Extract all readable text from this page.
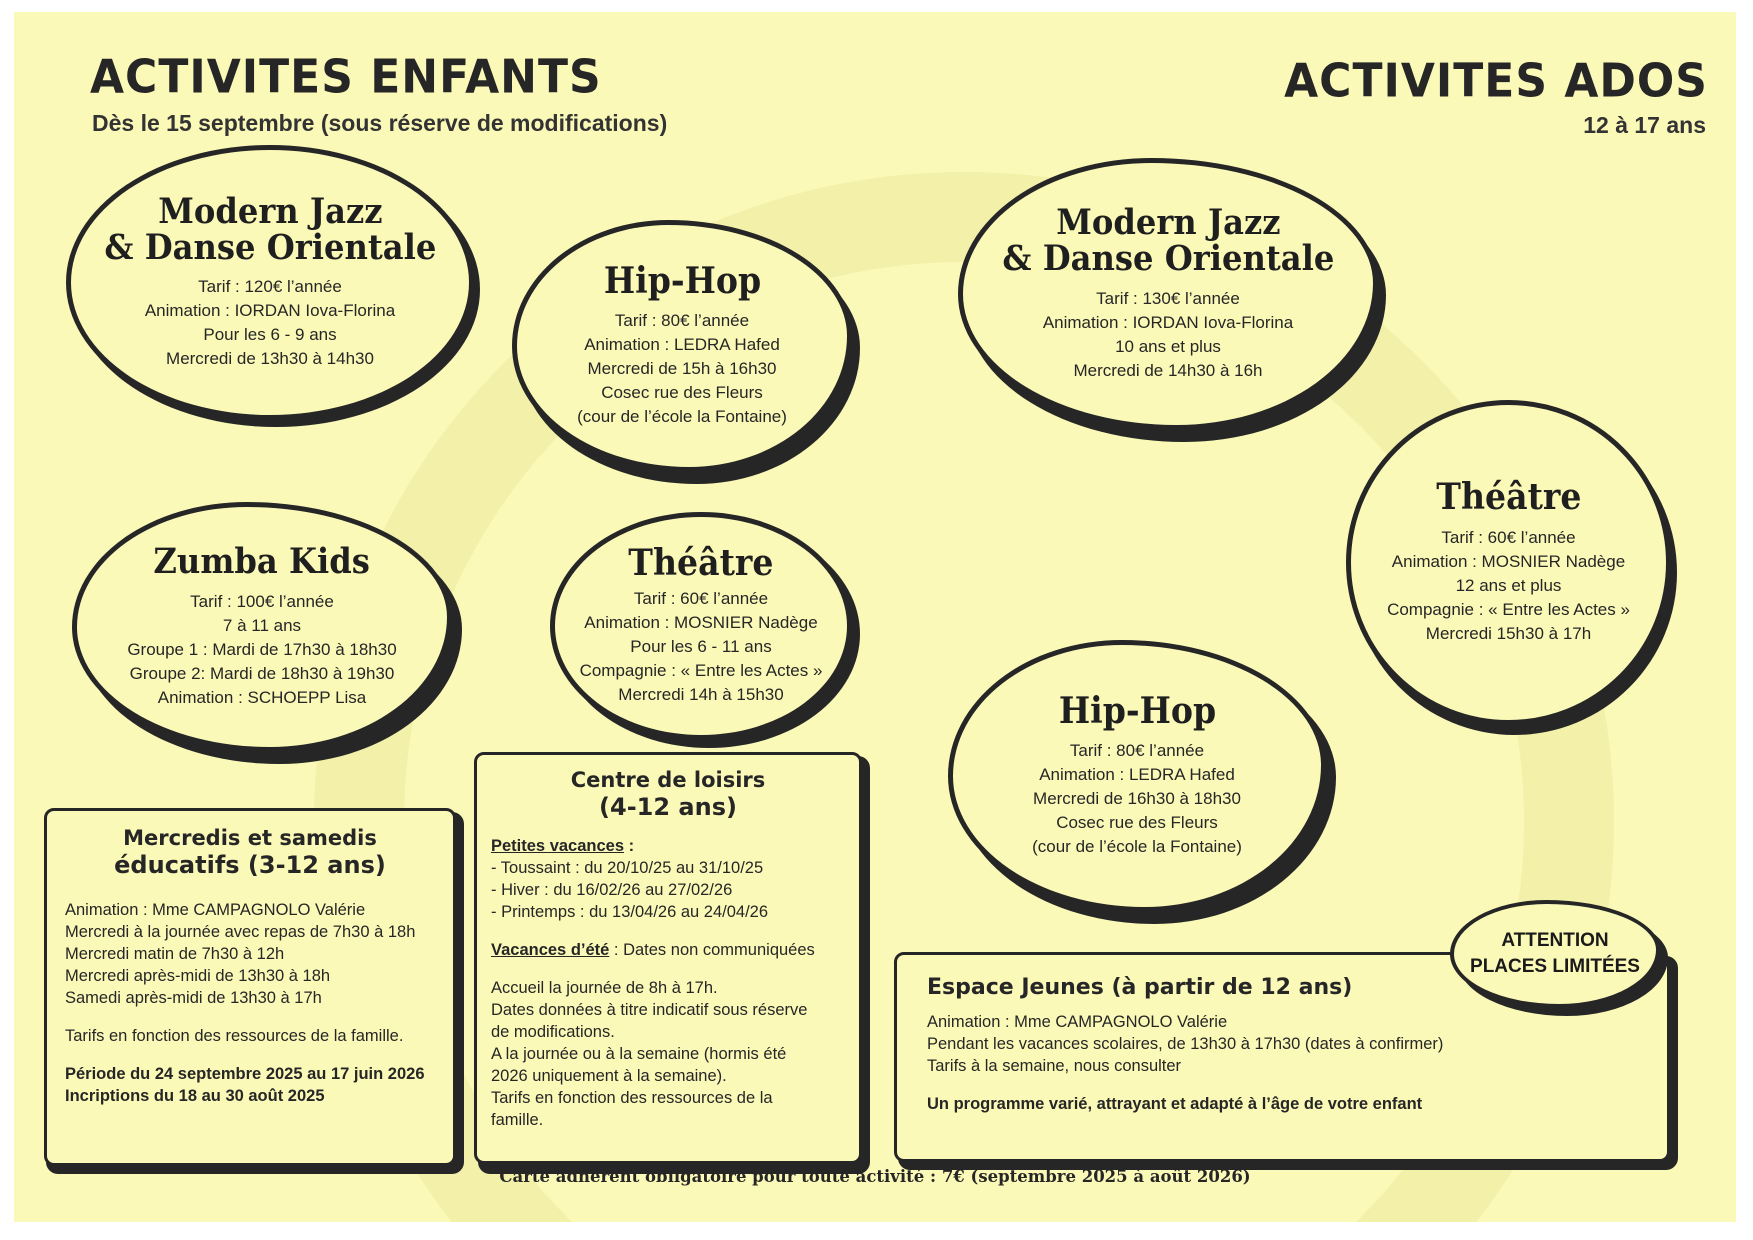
ACTIVITES ENFANTS
Dès le 15 septembre (sous réserve de modifications)
ACTIVITES ADOS
12 à 17 ans
Modern Jazz
& Danse Orientale
Tarif : 120€ l’année
Animation : IORDAN Iova-Florina
Pour les 6 - 9 ans
Mercredi de 13h30 à 14h30
Hip-Hop
Tarif : 80€ l’année
Animation : LEDRA Hafed
Mercredi de 15h à 16h30
Cosec rue des Fleurs
(cour de l’école la Fontaine)
Zumba Kids
Tarif : 100€ l’année
7 à 11 ans
Groupe 1 : Mardi de 17h30 à 18h30
Groupe 2: Mardi de 18h30 à 19h30
Animation : SCHOEPP Lisa
Théâtre
Tarif : 60€ l’année
Animation : MOSNIER Nadège
Pour les 6 - 11 ans
Compagnie : « Entre les Actes »
Mercredi 14h à 15h30
Modern Jazz
& Danse Orientale
Tarif : 130€ l’année
Animation : IORDAN Iova-Florina
10 ans et plus
Mercredi de 14h30 à 16h
Théâtre
Tarif : 60€ l’année
Animation : MOSNIER Nadège
12 ans et plus
Compagnie : « Entre les Actes »
Mercredi 15h30 à 17h
Hip-Hop
Tarif : 80€ l’année
Animation : LEDRA Hafed
Mercredi de 16h30 à 18h30
Cosec rue des Fleurs
(cour de l’école la Fontaine)
Mercredis et samedis
éducatifs (3-12 ans)
Animation : Mme CAMPAGNOLO Valérie
Mercredi à la journée avec repas de 7h30 à 18h
Mercredi matin de 7h30 à 12h
Mercredi après-midi de 13h30 à 18h
Samedi après-midi de 13h30 à 17h
Tarifs en fonction des ressources de la famille.
Période du 24 septembre 2025 au 17 juin 2026
Incriptions du 18 au 30 août 2025
Centre de loisirs
(4-12 ans)
Petites vacances :
- Toussaint : du 20/10/25 au 31/10/25
- Hiver : du 16/02/26 au 27/02/26
- Printemps : du 13/04/26 au 24/04/26
Vacances d’été : Dates non communiquées
Accueil la journée de 8h à 17h.
Dates données à titre indicatif sous réserve
de modifications.
A la journée ou à la semaine (hormis été
2026 uniquement à la semaine).
Tarifs en fonction des ressources de la
famille.
Espace Jeunes (à partir de 12 ans)
Animation : Mme CAMPAGNOLO Valérie
Pendant les vacances scolaires, de 13h30 à 17h30 (dates à confirmer)
Tarifs à la semaine, nous consulter
Un programme varié, attrayant et adapté à l’âge de votre enfant
ATTENTION
PLACES LIMITÉES
Carte adhérent obligatoire pour toute activité : 7€ (septembre 2025 à août 2026)
